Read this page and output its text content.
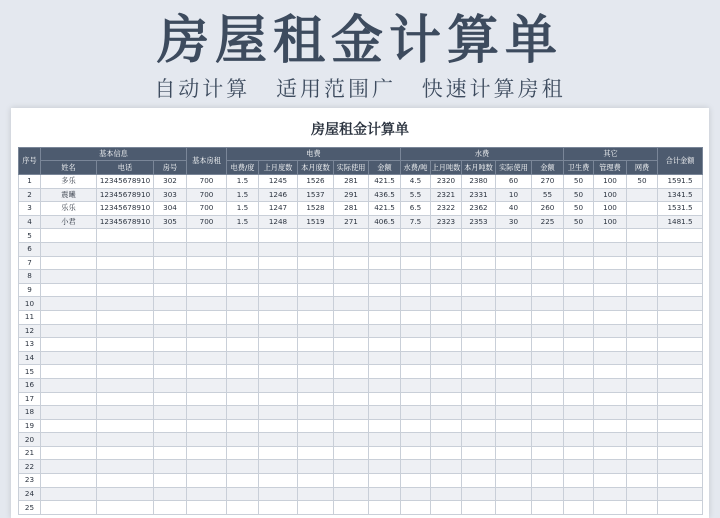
房屋租金计算单
自动计算 适用范围广 快速计算房租
房屋租金计算单
序号	基本信息			基本房租	电费					水费					其它			合计金额
	姓名	电话	房号		电费/度	上月度数	本月度数	实际使用	金额	水费/吨	上月吨数	本月吨数	实际使用	金额	卫生费	管理费	网费	
1	多乐	12345678910	302	700	1.5	1245	1526	281	421.5	4.5	2320	2380	60	270	50	100	50	1591.5
2	震曦	12345678910	303	700	1.5	1246	1537	291	436.5	5.5	2321	2331	10	55	50	100		1341.5
3	乐乐	12345678910	304	700	1.5	1247	1528	281	421.5	6.5	2322	2362	40	260	50	100		1531.5
4	小君	12345678910	305	700	1.5	1248	1519	271	406.5	7.5	2323	2353	30	225	50	100		1481.5
5																		
6																		
7																		
8																		
9																		
10																		
11																		
12																		
13																		
14																		
15																		
16																		
17																		
18																		
19																		
20																		
21																		
22																		
23																		
24																		
25																		
